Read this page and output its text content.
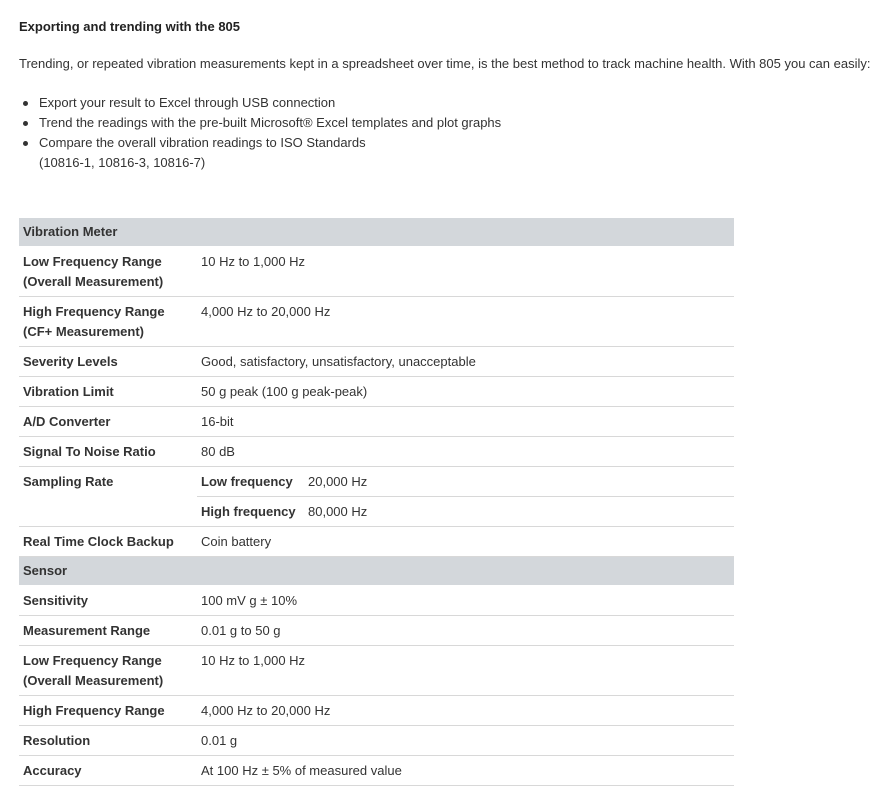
Exporting and trending with the 805
Trending, or repeated vibration measurements kept in a spreadsheet over time, is the best method to track machine health. With 805 you can easily:
Export your result to Excel through USB connection
Trend the readings with the pre-built Microsoft® Excel templates and plot graphs
Compare the overall vibration readings to ISO Standards
(10816-1, 10816-3, 10816-7)
Vibration Meter	

Low Frequency Range
(Overall Measurement)	10 Hz to 1,000 Hz

High Frequency Range
(CF+ Measurement)	4,000 Hz to 20,000 Hz
Severity Levels	Good, satisfactory, unsatisfactory, unacceptable
Vibration Limit	50 g peak (100 g peak-peak)
A/D Converter	16-bit
Signal To Noise Ratio	80 dB
Sampling Rate	Low frequency 20,000 Hz
	High frequency 80,000 Hz
Real Time Clock Backup	Coin battery
Sensor	
Sensitivity	100 mV g ± 10%
Measurement Range	0.01 g to 50 g

Low Frequency Range
(Overall Measurement)	10 Hz to 1,000 Hz
High Frequency Range	4,000 Hz to 20,000 Hz
Resolution	0.01 g
Accuracy	At 100 Hz ± 5% of measured value
